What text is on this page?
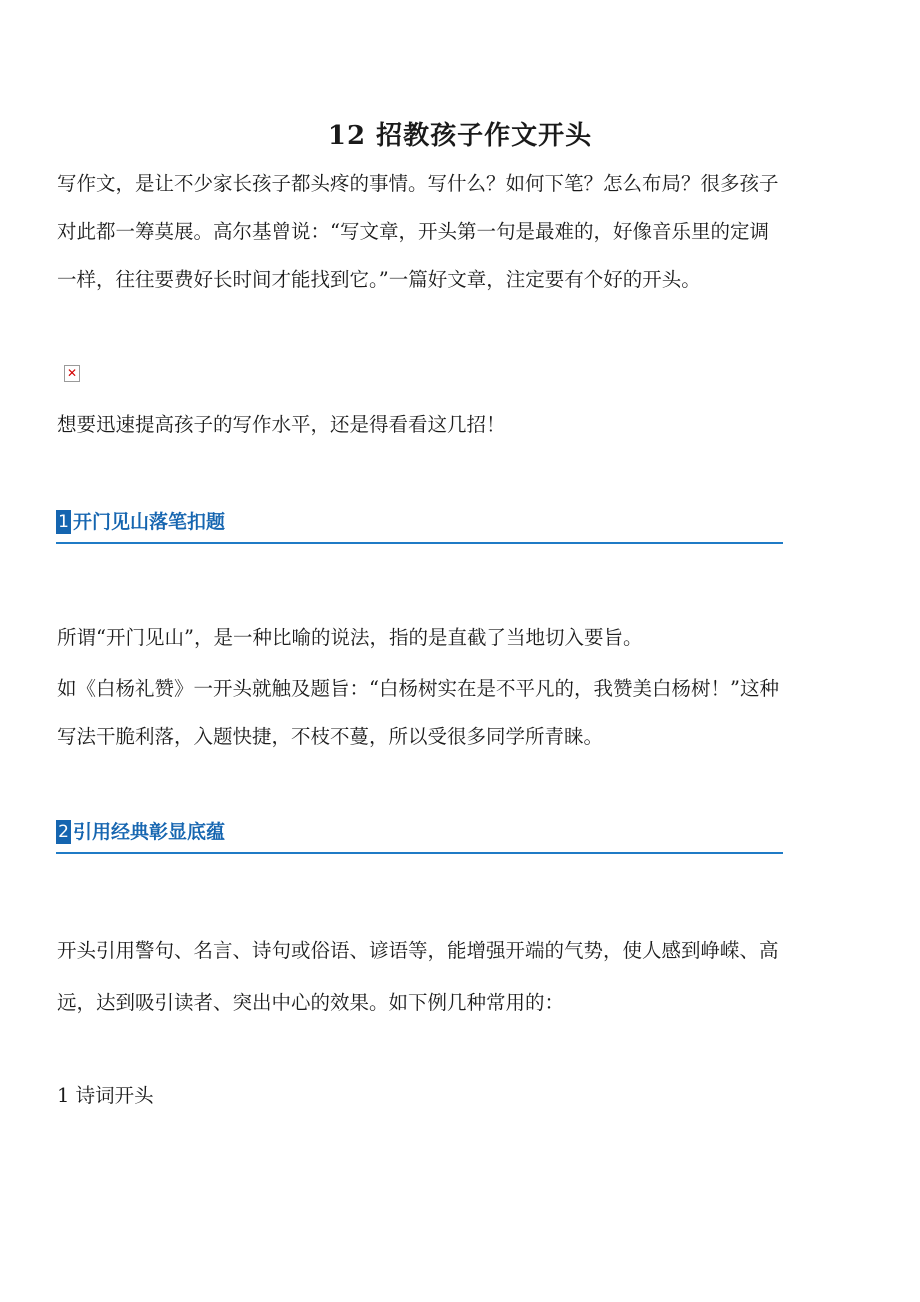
12 招教孩子作文开头

写作文，是让不少家长孩子都头疼的事情。写什么？如何下笔？怎么布局？很多孩子对此都一筹莫展。高尔基曾说：“写文章，开头第一句是最难的，好像音乐里的定调一样，往往要费好长时间才能找到它。”一篇好文章，注定要有个好的开头。

✕

想要迅速提高孩子的写作水平，还是得看看这几招！

1 开门见山落笔扣题

所谓“开门见山”，是一种比喻的说法，指的是直截了当地切入要旨。

如《白杨礼赞》一开头就触及题旨：“白杨树实在是不平凡的，我赞美白杨树！”这种写法干脆利落，入题快捷，不枝不蔓，所以受很多同学所青睐。

2 引用经典彰显底蕴

开头引用警句、名言、诗句或俗语、谚语等，能增强开端的气势，使人感到峥嵘、高远，达到吸引读者、突出中心的效果。如下例几种常用的：

1 诗词开头
